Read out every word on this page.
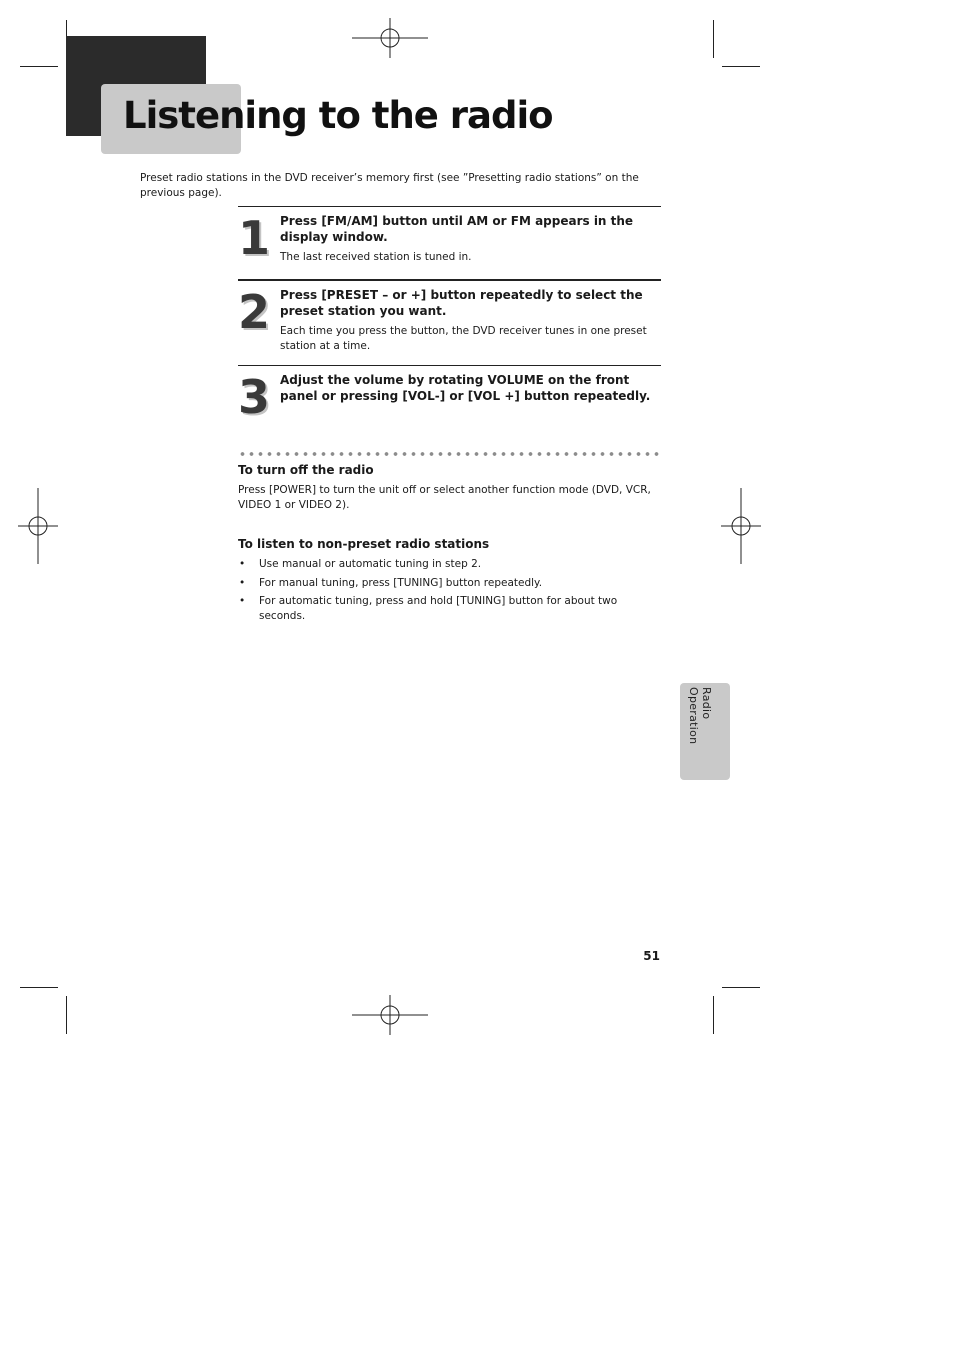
Listening to the radio

Preset radio stations in the DVD receiver’s memory first (see ”Presetting radio stations” on the previous page).

1 Press [FM/AM] button until AM or FM appears in the display window.

The last received station is tuned in.

2 Press [PRESET – or +] button repeatedly to select the preset station you want.

Each time you press the button, the DVD receiver tunes in one preset station at a time.

3 Adjust the volume by rotating VOLUME on the front panel or pressing [VOL-] or [VOL +] button repeatedly.

To turn off the radio

Press [POWER] to turn the unit off or select another function mode (DVD, VCR, VIDEO 1 or VIDEO 2).

To listen to non-preset radio stations

• Use manual or automatic tuning in step 2.
• For manual tuning, press [TUNING] button repeatedly.
• For automatic tuning, press and hold [TUNING] button for about two seconds.

Radio Operation

51
